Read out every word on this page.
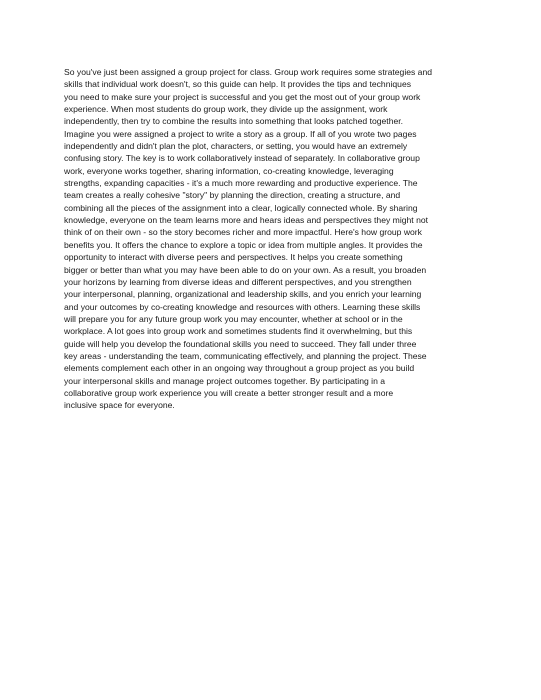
So you've just been assigned a group project for class. Group work requires some strategies and
skills that individual work doesn't, so this guide can help. It provides the tips and techniques
you need to make sure your project is successful and you get the most out of your group work
experience. When most students do group work, they divide up the assignment, work
independently, then try to combine the results into something that looks patched together.
Imagine you were assigned a project to write a story as a group. If all of you wrote two pages
independently and didn't plan the plot, characters, or setting, you would have an extremely
confusing story. The key is to work collaboratively instead of separately. In collaborative group
work, everyone works together, sharing information, co-creating knowledge, leveraging
strengths, expanding capacities - it's a much more rewarding and productive experience. The
team creates a really cohesive "story" by planning the direction, creating a structure, and
combining all the pieces of the assignment into a clear, logically connected whole. By sharing
knowledge, everyone on the team learns more and hears ideas and perspectives they might not
think of on their own - so the story becomes richer and more impactful. Here's how group work
benefits you. It offers the chance to explore a topic or idea from multiple angles. It provides the
opportunity to interact with diverse peers and perspectives. It helps you create something
bigger or better than what you may have been able to do on your own. As a result, you broaden
your horizons by learning from diverse ideas and different perspectives, and you strengthen
your interpersonal, planning, organizational and leadership skills, and you enrich your learning
and your outcomes by co-creating knowledge and resources with others. Learning these skills
will prepare you for any future group work you may encounter, whether at school or in the
workplace. A lot goes into group work and sometimes students find it overwhelming, but this
guide will help you develop the foundational skills you need to succeed. They fall under three
key areas - understanding the team, communicating effectively, and planning the project. These
elements complement each other in an ongoing way throughout a group project as you build
your interpersonal skills and manage project outcomes together. By participating in a
collaborative group work experience you will create a better stronger result and a more
inclusive space for everyone.
